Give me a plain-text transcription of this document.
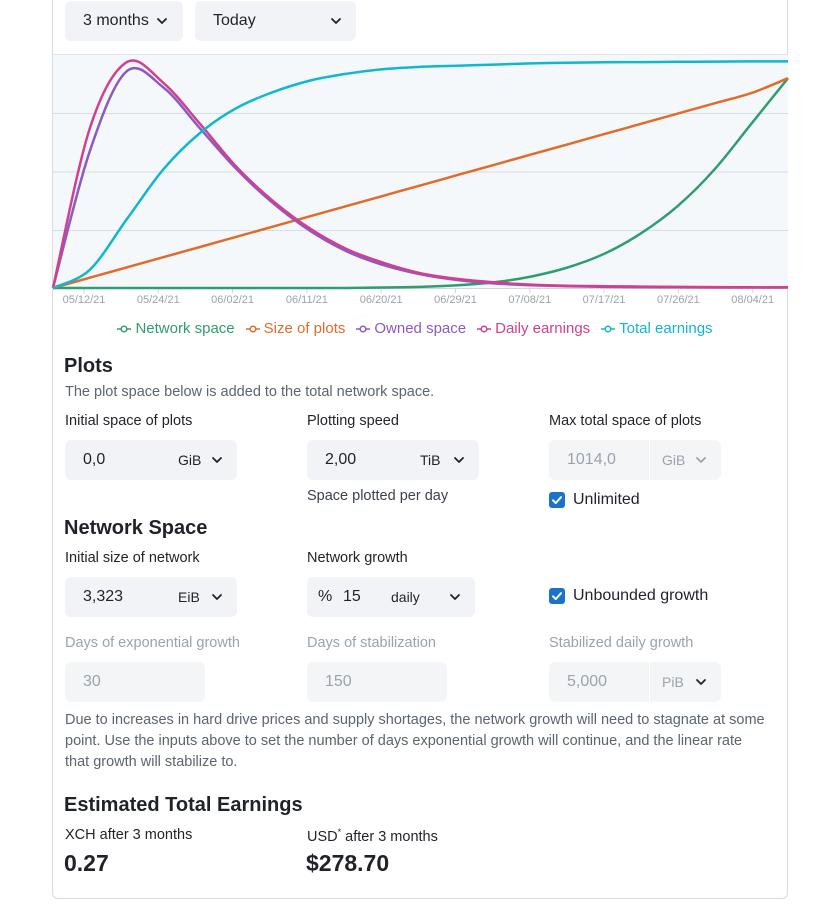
3 months	Today
05/12/21	05/24/21	06/02/21	06/11/21	06/20/21	06/29/21	07/08/21	07/17/21	07/26/21	08/04/21
Network space Size of plots Owned space Daily earnings Total earnings
Plots
The plot space below is added to the total network space.
Initial space of plots
0,0	GiB
Plotting speed
2,00	TiB
Space plotted per day
Max total space of plots
1014,0	GiB
Unlimited
Network Space
Initial size of network
3,323	EiB
Network growth
% 15 daily	Unbounded growth
Days of exponential growth
30
Days of stabilization
150
Stabilized daily growth
5,000	PiB
Due to increases in hard drive prices and supply shortages, the network growth will need to stagnate at some point. Use the inputs above to set the number of days exponential growth will continue, and the linear rate that growth will stabilize to.
Estimated Total Earnings
XCH after 3 months
0.27
USD* after 3 months
$278.70
